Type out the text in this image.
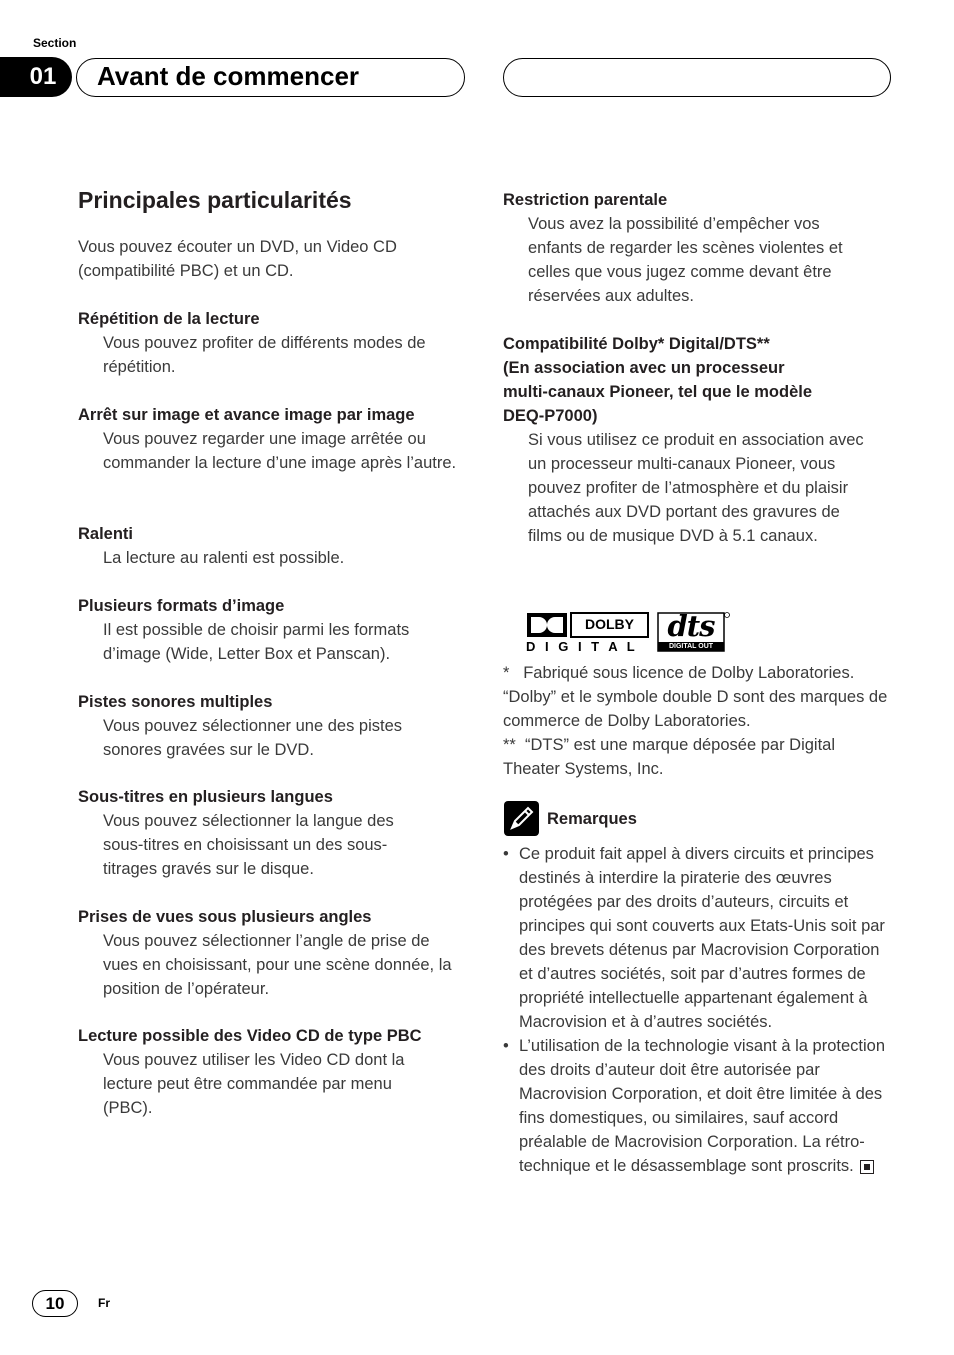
Section
01	Avant de commencer
Principales particularités
Vous pouvez écouter un DVD, un Video CD (compatibilité PBC) et un CD.
Répétition de la lecture
Vous pouvez profiter de différents modes de répétition.
Arrêt sur image et avance image par image
Vous pouvez regarder une image arrêtée ou commander la lecture d’une image après l’autre.
Ralenti
La lecture au ralenti est possible.
Plusieurs formats d’image
Il est possible de choisir parmi les formats d’image (Wide, Letter Box et Panscan).
Pistes sonores multiples
Vous pouvez sélectionner une des pistes sonores gravées sur le DVD.
Sous-titres en plusieurs langues
Vous pouvez sélectionner la langue des sous-titres en choisissant un des sous-titrages gravés sur le disque.
Prises de vues sous plusieurs angles
Vous pouvez sélectionner l’angle de prise de vues en choisissant, pour une scène donnée, la position de l’opérateur.
Lecture possible des Video CD de type PBC
Vous pouvez utiliser les Video CD dont la lecture peut être commandée par menu (PBC).
Restriction parentale
Vous avez la possibilité d’empêcher vos enfants de regarder les scènes violentes et celles que vous jugez comme devant être réservées aux adultes.
Compatibilité Dolby* Digital/DTS**
(En association avec un processeur
multi-canaux Pioneer, tel que le modèle
DEQ-P7000)
Si vous utilisez ce produit en association avec un processeur multi-canaux Pioneer, vous pouvez profiter de l’atmosphère et du plaisir attachés aux DVD portant des gravures de films ou de musique DVD à 5.1 canaux.
DOLBY
D I G I T A L
dts
DIGITAL OUT
* Fabriqué sous licence de Dolby Laboratories. “Dolby” et le symbole double D sont des marques de commerce de Dolby Laboratories.
** “DTS” est une marque déposée par Digital Theater Systems, Inc.
Remarques
• Ce produit fait appel à divers circuits et principes destinés à interdire la piraterie des œuvres protégées par des droits d’auteurs, circuits et principes qui sont couverts aux Etats-Unis soit par des brevets détenus par Macrovision Corporation et d’autres sociétés, soit par d’autres formes de propriété intellectuelle appartenant également à Macrovision et à d’autres sociétés.
• L’utilisation de la technologie visant à la protection des droits d’auteur doit être autorisée par Macrovision Corporation, et doit être limitée à des fins domestiques, ou similaires, sauf accord préalable de Macrovision Corporation. La rétro-technique et le désassemblage sont proscrits.
10	Fr
